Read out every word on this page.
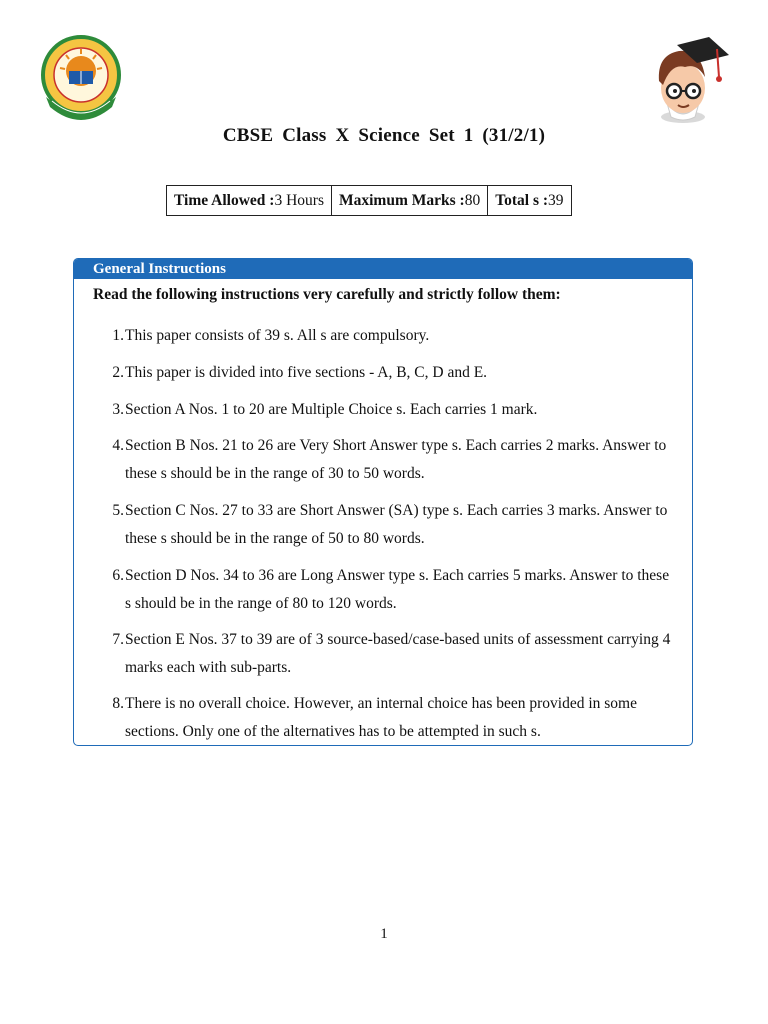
CBSE Class X Science Set 1 (31/2/1)
Time Allowed : 3 Hours Maximum Marks : 80 Total s : 39
General Instructions
Read the following instructions very carefully and strictly follow them:
1. This paper consists of 39 s. All s are compulsory.
2. This paper is divided into five sections - A, B, C, D and E.
3. Section A Nos. 1 to 20 are Multiple Choice s. Each carries 1 mark.
4. Section B Nos. 21 to 26 are Very Short Answer type s. Each carries 2 marks. Answer to these s should be in the range of 30 to 50 words.
5. Section C Nos. 27 to 33 are Short Answer (SA) type s. Each carries 3 marks. Answer to these s should be in the range of 50 to 80 words.
6. Section D Nos. 34 to 36 are Long Answer type s. Each carries 5 marks. Answer to these s should be in the range of 80 to 120 words.
7. Section E Nos. 37 to 39 are of 3 source-based/case-based units of assessment carrying 4 marks each with sub-parts.
8. There is no overall choice. However, an internal choice has been provided in some sections. Only one of the alternatives has to be attempted in such s.
1
